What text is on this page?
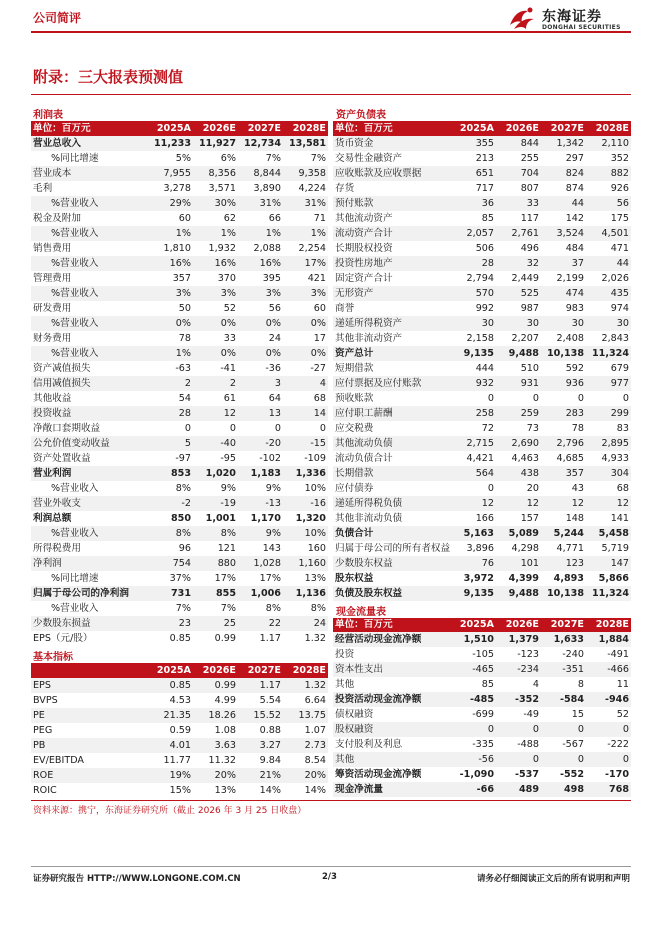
公司简评	东海证券
DONGHAI SECURITIES
附录：三大报表预测值
利润表
单位：百万元	2025A	2026E	2027E	2028E
营业总收入	11,233	11,927	12,734	13,581
%同比增速	5%	6%	7%	7%
营业成本	7,955	8,356	8,844	9,358
毛利	3,278	3,571	3,890	4,224
%营业收入	29%	30%	31%	31%
税金及附加	60	62	66	71
%营业收入	1%	1%	1%	1%
销售费用	1,810	1,932	2,088	2,254
%营业收入	16%	16%	16%	17%
管理费用	357	370	395	421
%营业收入	3%	3%	3%	3%
研发费用	50	52	56	60
%营业收入	0%	0%	0%	0%
财务费用	78	33	24	17
%营业收入	1%	0%	0%	0%
资产减值损失	-63	-41	-36	-27
信用减值损失	2	2	3	4
其他收益	54	61	64	68
投资收益	28	12	13	14
净敞口套期收益	0	0	0	0
公允价值变动收益	5	-40	-20	-15
资产处置收益	-97	-95	-102	-109
营业利润	853	1,020	1,183	1,336
%营业收入	8%	9%	9%	10%
营业外收支	-2	-19	-13	-16
利润总额	850	1,001	1,170	1,320
%营业收入	8%	8%	9%	10%
所得税费用	96	121	143	160
净利润	754	880	1,028	1,160
%同比增速	37%	17%	17%	13%
归属于母公司的净利润	731	855	1,006	1,136
%营业收入	7%	7%	8%	8%
少数股东损益	23	25	22	24
EPS（元/股）	0.85	0.99	1.17	1.32
基本指标
	2025A	2026E	2027E	2028E
EPS	0.85	0.99	1.17	1.32
BVPS	4.53	4.99	5.54	6.64
PE	21.35	18.26	15.52	13.75
PEG	0.59	1.08	0.88	1.07
PB	4.01	3.63	3.27	2.73
EV/EBITDA	11.77	11.32	9.84	8.54
ROE	19%	20%	21%	20%
ROIC	15%	13%	14%	14%
资产负债表
单位：百万元	2025A	2026E	2027E	2028E
货币资金	355	844	1,342	2,110
交易性金融资产	213	255	297	352
应收账款及应收票据	651	704	824	882
存货	717	807	874	926
预付账款	36	33	44	56
其他流动资产	85	117	142	175
流动资产合计	2,057	2,761	3,524	4,501
长期股权投资	506	496	484	471
投资性房地产	28	32	37	44
固定资产合计	2,794	2,449	2,199	2,026
无形资产	570	525	474	435
商誉	992	987	983	974
递延所得税资产	30	30	30	30
其他非流动资产	2,158	2,207	2,408	2,843
资产总计	9,135	9,488	10,138	11,324
短期借款	444	510	592	679
应付票据及应付账款	932	931	936	977
预收账款	0	0	0	0
应付职工薪酬	258	259	283	299
应交税费	72	73	78	83
其他流动负债	2,715	2,690	2,796	2,895
流动负债合计	4,421	4,463	4,685	4,933
长期借款	564	438	357	304
应付债券	0	20	43	68
递延所得税负债	12	12	12	12
其他非流动负债	166	157	148	141
负债合计	5,163	5,089	5,244	5,458
归属于母公司的所有者权益	3,896	4,298	4,771	5,719
少数股东权益	76	101	123	147
股东权益	3,972	4,399	4,893	5,866
负债及股东权益	9,135	9,488	10,138	11,324
现金流量表
单位：百万元	2025A	2026E	2027E	2028E
经营活动现金流净额	1,510	1,379	1,633	1,884
投资	-105	-123	-240	-491
资本性支出	-465	-234	-351	-466
其他	85	4	8	11
投资活动现金流净额	-485	-352	-584	-946
债权融资	-699	-49	15	52
股权融资	0	0	0	0
支付股利及利息	-335	-488	-567	-222
其他	-56	0	0	0
筹资活动现金流净额	-1,090	-537	-552	-170
现金净流量	-66	489	498	768
资料来源：携宁，东海证券研究所（截止 2026 年 3 月 25 日收盘）
证券研究报告 HTTP://WWW.LONGONE.COM.CN	2/3	请务必仔细阅读正文后的所有说明和声明
